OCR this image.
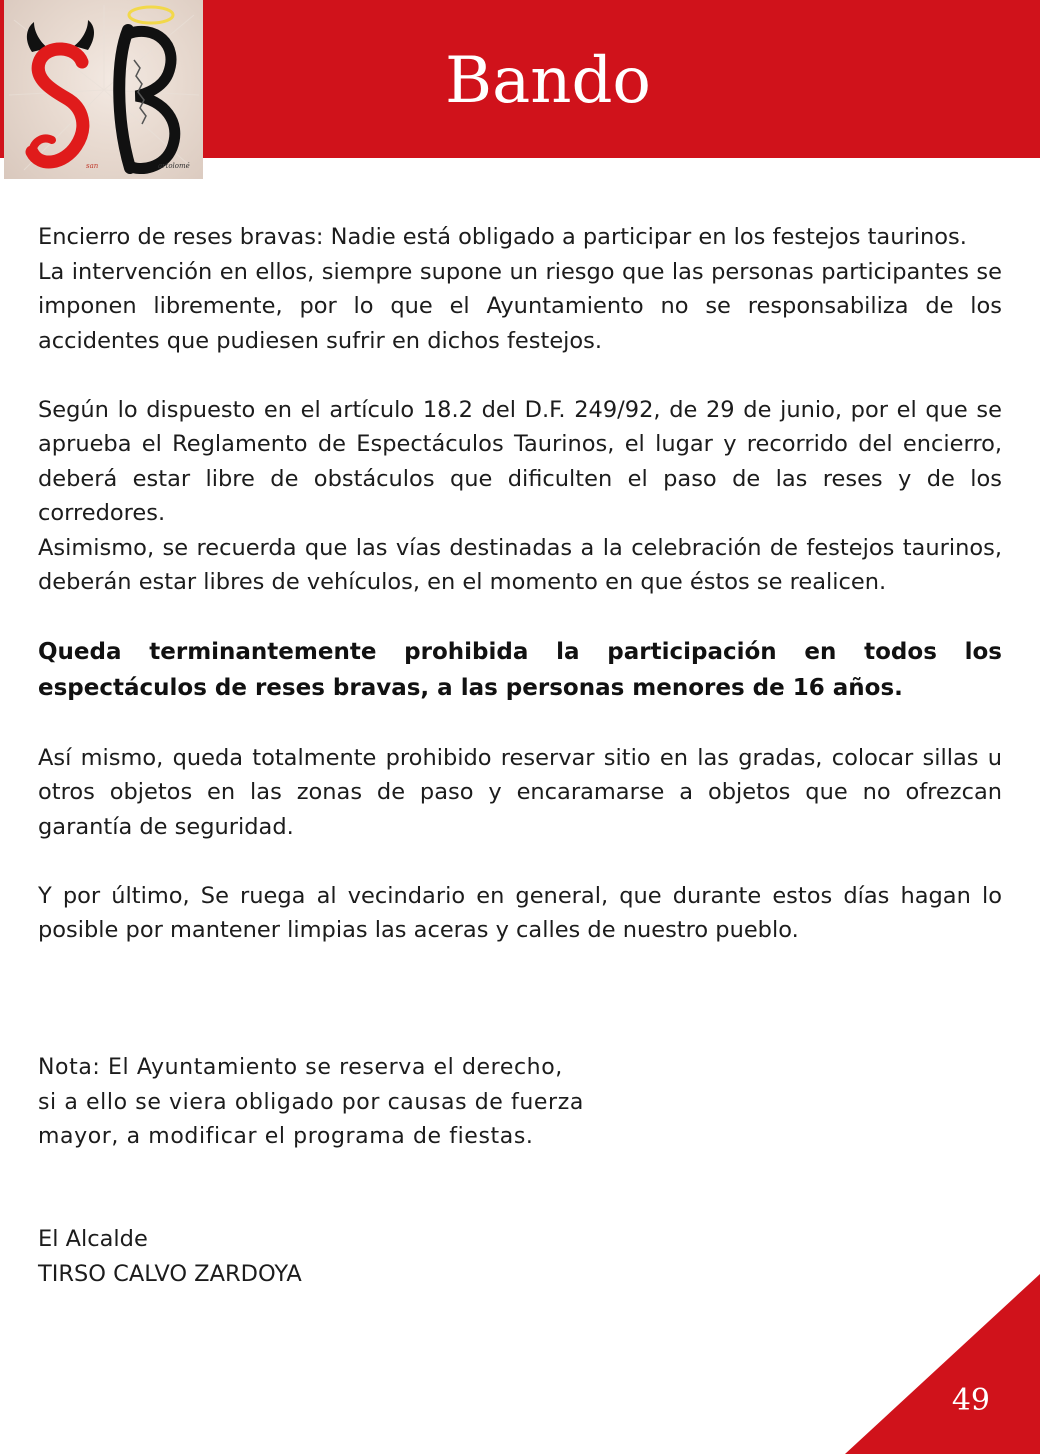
san	artolomé
Bando

Encierro de reses bravas: Nadie está obligado a participar en los festejos taurinos.

La intervención en ellos, siempre supone un riesgo que las personas participantes se imponen libremente, por lo que el Ayuntamiento no se responsabiliza de los accidentes que pudiesen sufrir en dichos festejos.

Según lo dispuesto en el artículo 18.2 del D.F. 249/92, de 29 de junio, por el que se aprueba el Reglamento de Espectáculos Taurinos, el lugar y recorrido del encierro, deberá estar libre de obstáculos que dificulten el paso de las reses y de los corredores.

Asimismo, se recuerda que las vías destinadas a la celebración de festejos taurinos, deberán estar libres de vehículos, en el momento en que éstos se realicen.

Queda terminantemente prohibida la participación en todos los espectáculos de reses bravas, a las personas menores de 16 años.

Así mismo, queda totalmente prohibido reservar sitio en las gradas, colocar sillas u otros objetos en las zonas de paso y encaramarse a objetos que no ofrezcan garantía de seguridad.

Y por último, Se ruega al vecindario en general, que durante estos días hagan lo posible por mantener limpias las aceras y calles de nuestro pueblo.

Nota: El Ayuntamiento se reserva el derecho,

si a ello se viera obligado por causas de fuerza

mayor, a modificar el programa de fiestas.

El Alcalde
TIRSO CALVO ZARDOYA
49
